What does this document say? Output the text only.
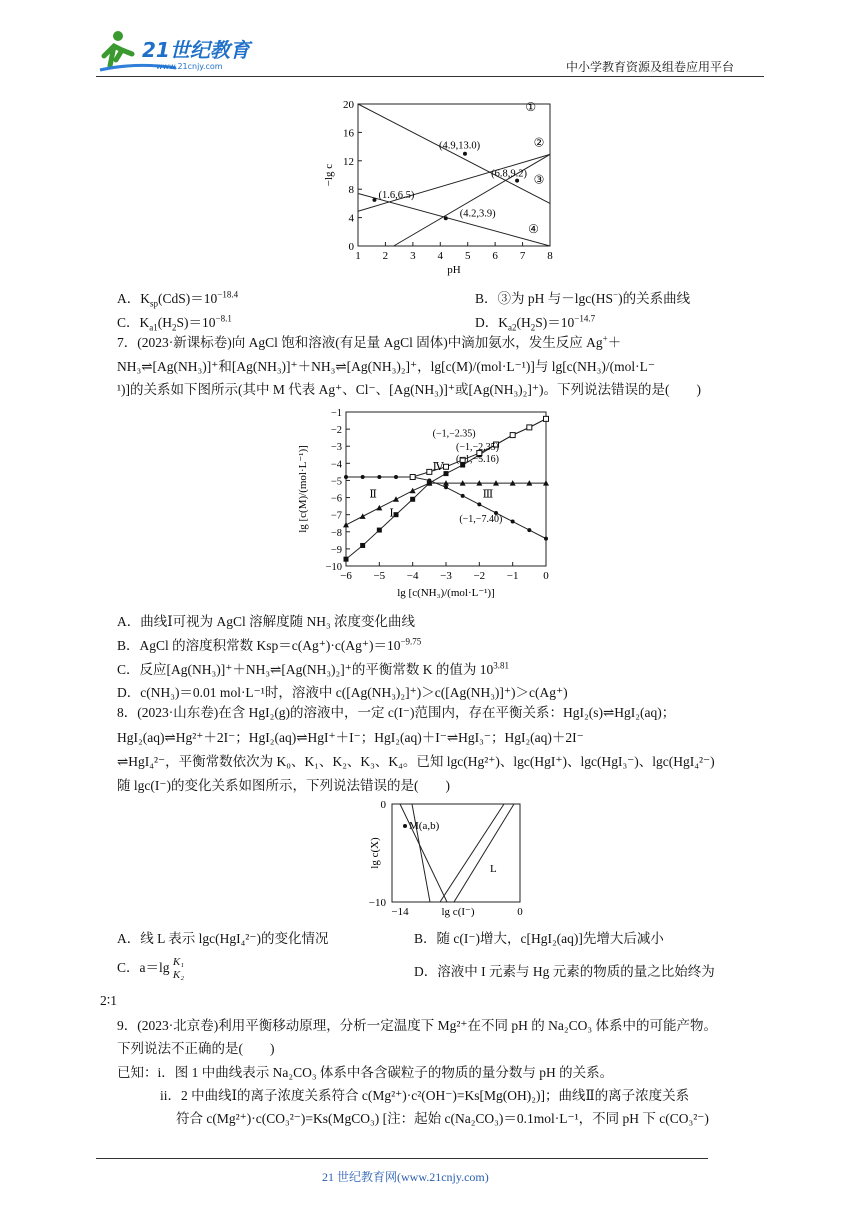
21世纪教育
www.21cnjy.com	中小学教育资源及组卷应用平台
1 2 3 4 5 6 7 8
0
4
8
12
16
20
pH
−lg c
①
②
③
④
(4.9,13.0)
(6.8,9.2)
(1.6,6.5)
(4.2,3.9)
A．$K_{sp}(CdS)=10^{-18.4}$	B．③为 pH 与－lgc(HS−)的关系曲线
C．$K_{a1}(H_2S)=10^{-8.1}$	D．$K_{a2}(H_2S)=10^{-14.7}$
7．(2023·新课标卷)向 AgCl 饱和溶液(有足量 AgCl 固体)中滴加氨水，发生反应 Ag+＋
NH₃⇌[Ag(NH₃)]⁺和[Ag(NH₃)]⁺＋NH₃⇌[Ag(NH₃)₂]⁺，lg[c(M)/(mol·L⁻¹)]与 lg[c(NH₃)/(mol·L⁻
¹)]的关系如下图所示(其中 M 代表 Ag⁺、Cl⁻、[Ag(NH₃)]⁺或[Ag(NH₃)₂]⁺)。下列说法错误的是(　　)
−6 −5 −4 −3 −2 −1 0
−10
−9
−8
−7
−6
−5
−4
−3
−2
−1
lg [c(NH₃)/(mol·L⁻¹)]
lg [c(M)/(mol·L⁻¹)]	Ⅰ
Ⅱ	Ⅲ
Ⅳ
(−1,−2.35)
(−1,−2.35)
(−1,−5.16)
(−1,−7.40)
A．曲线Ⅰ可视为 AgCl 溶解度随 NH₃ 浓度变化曲线
B．AgCl 的溶度积常数 $Ksp=c(Ag^+)\cdot c(Ag^+)=10^{-9.75}$
C．反应[Ag(NH₃)]⁺＋NH₃⇌[Ag(NH₃)₂]⁺的平衡常数 K 的值为 $10^{3.81}$
D．c(NH₃)＝0.01 mol·L⁻¹时，溶液中 c([Ag(NH₃)₂]⁺)＞c([Ag(NH₃)]⁺)＞c(Ag⁺)
8．(2023·山东卷)在含 HgI₂(g)的溶液中，一定 c(I⁻)范围内，存在平衡关系：HgI₂(s)⇌HgI₂(aq)；
HgI₂(aq)⇌Hg²⁺＋2I⁻；HgI₂(aq)⇌HgI⁺＋I⁻；HgI₂(aq)＋I⁻⇌HgI₃⁻；HgI₂(aq)＋2I⁻
⇌HgI₄²⁻，平衡常数依次为 K₀、K₁、K₂、K₃、K₄。已知 lgc(Hg²⁺)、lgc(HgI⁺)、lgc(HgI₃⁻)、lgc(HgI₄²⁻)
随 lgc(I⁻)的变化关系如图所示，下列说法错误的是(　　)
M(a,b)
L
0
−10
−14	0
lg c(I⁻)
lg c(X)
A．线 L 表示 lgc(HgI₄²⁻)的变化情况	B．随 c(I⁻)增大，c[HgI₂(aq)]先增大后减小
C．a＝lg K₁
K₂	D．溶液中 I 元素与 Hg 元素的物质的量之比始终为
2∶1
9．(2023·北京卷)利用平衡移动原理，分析一定温度下 Mg²⁺在不同 pH 的 Na₂CO₃ 体系中的可能产物。
下列说法不正确的是(　　)
已知：i．图 1 中曲线表示 Na₂CO₃ 体系中各含碳粒子的物质的量分数与 pH 的关系。
ii．2 中曲线Ⅰ的离子浓度关系符合 c(Mg²⁺)·c²(OH⁻)=Ks[Mg(OH)₂)]；曲线Ⅱ的离子浓度关系
符合 c(Mg²⁺)·c(CO₃²⁻)=Ks(MgCO₃) [注：起始 c(Na₂CO₃)＝0.1mol·L⁻¹，不同 pH 下 c(CO₃²⁻)
21 世纪教育网(www.21cnjy.com)
